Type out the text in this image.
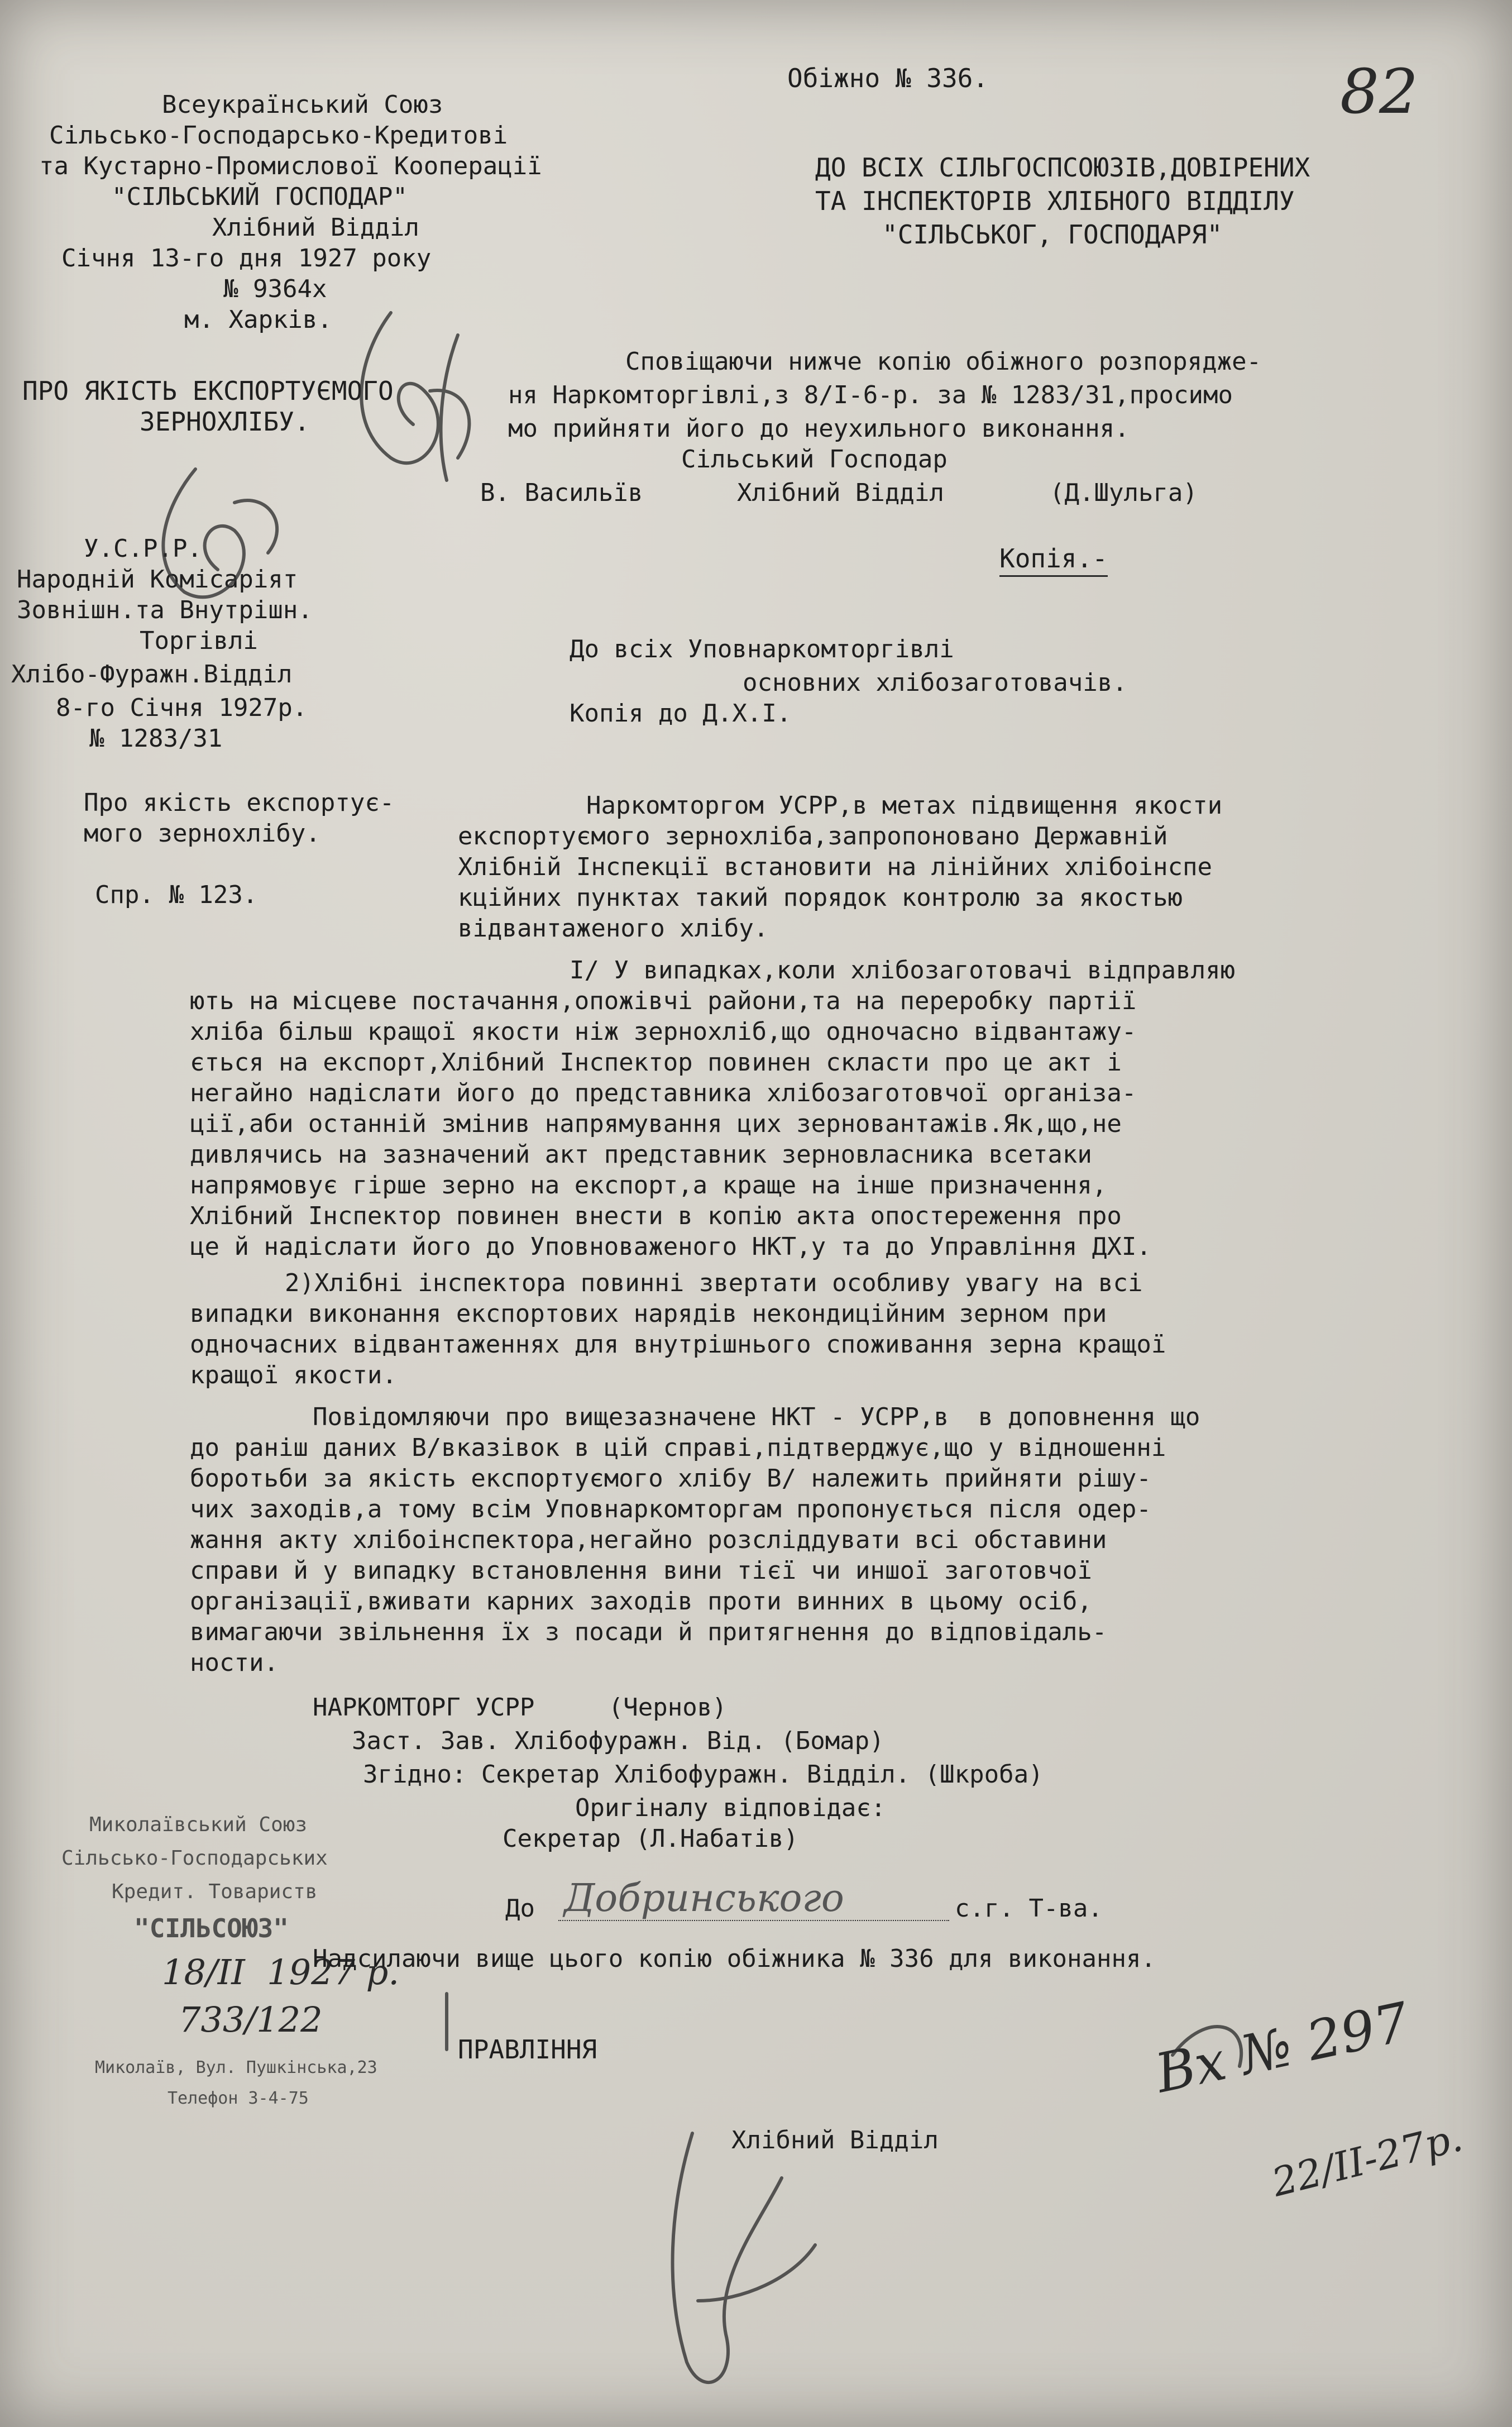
Всеукраїнський Союз
Сільсько-Господарсько-Кредитові
та Кустарно-Промислової Кооперації
"СІЛЬСЬКИЙ ГОСПОДАР"
Хлібний Відділ
Січня 13-го дня 1927 року
№ 9364х
м. Харків.
Обіжно № 336.	82
ДО ВСІХ СІЛЬГОСПСОЮЗІВ,ДОВІРЕНИХ
ТА ІНСПЕКТОРІВ ХЛІБНОГО ВІДДІЛУ
"СІЛЬСЬКОГ, ГОСПОДАРЯ"
ПРО ЯКІСТЬ ЕКСПОРТУЄМОГО
ЗЕРНОХЛІБУ.
Сповіщаючи нижче копію обіжного розпорядже-
ня Наркомторгівлі,з 8/І-6-р. за № 1283/31,просимо
мо прийняти його до неухильного виконання.
Сільський Господар
В. Васильїв	Хлібний Відділ	(Д.Шульга)
У.С.Р.Р.
Народній Комісаріят
Зовнішн.та Внутрішн.
Торгівлі
Хлібо-Фуражн.Відділ
8-го Січня 1927р.
№ 1283/31
Копія.-
До всіх Уповнаркомторгівлі
основних хлібозаготовачів.
Копія до Д.Х.І.
Про якість експортує-
мого зернохлібу.
Спр. № 123.
Наркомторгом УСРР,в метах підвищення якости
експортуємого зернохліба,запропоновано Державній
Хлібній Інспекції встановити на лінійних хлібоінспе
кційних пунктах такий порядок контролю за якостью
відвантаженого хлібу.
І/ У випадках,коли хлібозаготовачі відправляю
ють на місцеве постачання,опожівчі райони,та на переробку партії
хліба більш кращої якости ніж зернохліб,що одночасно відвантажу-
ється на експорт,Хлібний Інспектор повинен скласти про це акт і
негайно надіслати його до представника хлібозаготовчої організа-
ції,аби останній змінив напрямування цих зерновантажів.Як,що,не
дивлячись на зазначений акт представник зерновласника всетаки
напрямовує гірше зерно на експорт,а краще на інше призначення,
Хлібний Інспектор повинен внести в копію акта опостереження про
це й надіслати його до Уповноваженого НКТ,у та до Управління ДХІ.
2)Хлібні інспектора повинні звертати особливу увагу на всі
випадки виконання експортових нарядів некондиційним зерном при
одночасних відвантаженнях для внутрішнього споживання зерна кращої
кращої якости.
Повідомляючи про вищезазначене НКТ - УСРР,в  в доповнення що
до раніш даних В/вказівок в цій справі,підтверджує,що у відношенні
боротьби за якість експортуємого хлібу В/ належить прийняти рішу-
чих заходів,а тому всім Уповнаркомторгам пропонується після одер-
жання акту хлібоінспектора,негайно розсліддувати всі обставини
справи й у випадку встановлення вини тієї чи иншої заготовчої
організації,вживати карних заходів проти винних в цьому осіб,
вимагаючи звільнення їх з посади й притягнення до відповідаль-
ности.
НАРКОМТОРГ УСРР     (Чернов)
Заст. Зав. Хлібофуражн. Від. (Бомар)
Згідно: Секретар Хлібофуражн. Відділ. (Шкроба)
Оригіналу відповідає:
Секретар (Л.Набатів)
Миколаївський Союз
Сільсько-Господарських
Кредит. Товариств
"СІЛЬСОЮЗ"
18/ІІ  1927 р.
733/122
Миколаїв, Вул. Пушкінська,23
Телефон 3-4-75
До Добринського	с.г. Т-ва.
Надсилаючи вище цього копію обіжника № 336 для виконання.
ПРАВЛІННЯ
Хлібний Відділ
Вх № 297
22/ІІ-27р.
